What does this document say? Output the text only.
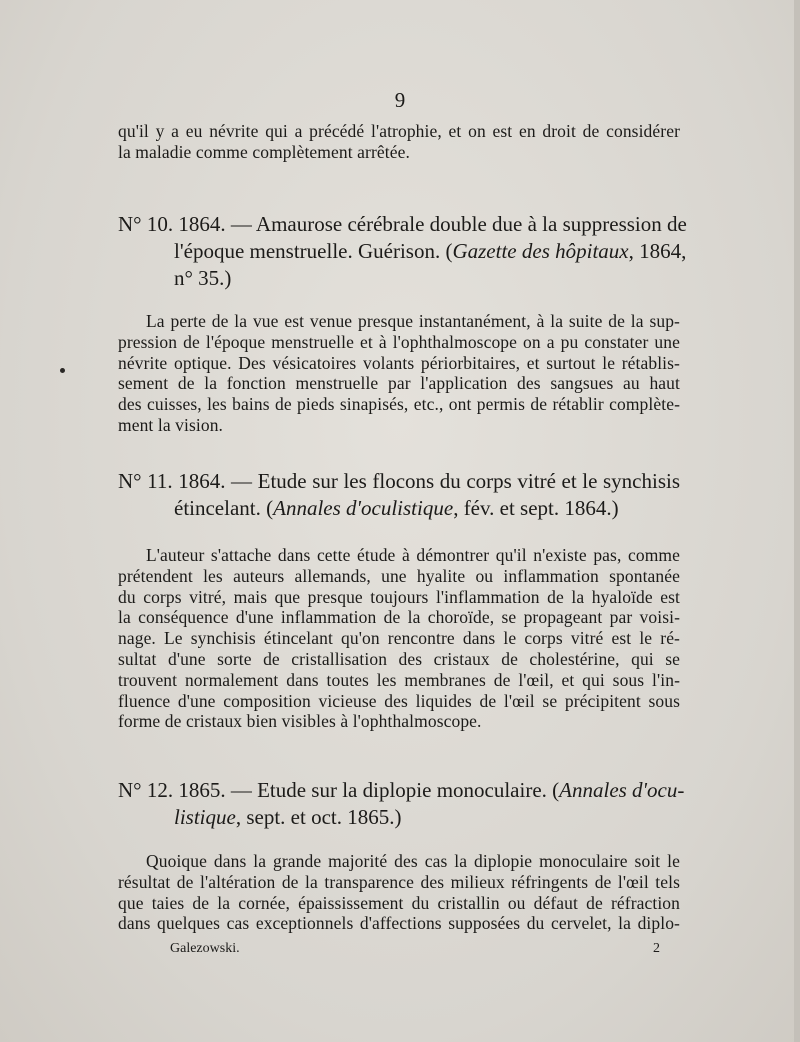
9
qu'il y a eu névrite qui a précédé l'atrophie, et on est en droit de considérer
la maladie comme complètement arrêtée.
N° 10. 1864. — Amaurose cérébrale double due à la suppression de
l'époque menstruelle. Guérison. (Gazette des hôpitaux, 1864,
n° 35.)
La perte de la vue est venue presque instantanément, à la suite de la sup-
pression de l'époque menstruelle et à l'ophthalmoscope on a pu constater une
névrite optique. Des vésicatoires volants périorbitaires, et surtout le rétablis-
sement de la fonction menstruelle par l'application des sangsues au haut
des cuisses, les bains de pieds sinapisés, etc., ont permis de rétablir complète-
ment la vision.
N° 11. 1864. — Etude sur les flocons du corps vitré et le synchisis
étincelant. (Annales d'oculistique, fév. et sept. 1864.)
L'auteur s'attache dans cette étude à démontrer qu'il n'existe pas, comme
prétendent les auteurs allemands, une hyalite ou inflammation spontanée
du corps vitré, mais que presque toujours l'inflammation de la hyaloïde est
la conséquence d'une inflammation de la choroïde, se propageant par voisi-
nage. Le synchisis étincelant qu'on rencontre dans le corps vitré est le ré-
sultat d'une sorte de cristallisation des cristaux de cholestérine, qui se
trouvent normalement dans toutes les membranes de l'œil, et qui sous l'in-
fluence d'une composition vicieuse des liquides de l'œil se précipitent sous
forme de cristaux bien visibles à l'ophthalmoscope.
N° 12. 1865. — Etude sur la diplopie monoculaire. (Annales d'ocu-
listique, sept. et oct. 1865.)
Quoique dans la grande majorité des cas la diplopie monoculaire soit le
résultat de l'altération de la transparence des milieux réfringents de l'œil tels
que taies de la cornée, épaississement du cristallin ou défaut de réfraction
dans quelques cas exceptionnels d'affections supposées du cervelet, la diplo-
Galezowski.	2
